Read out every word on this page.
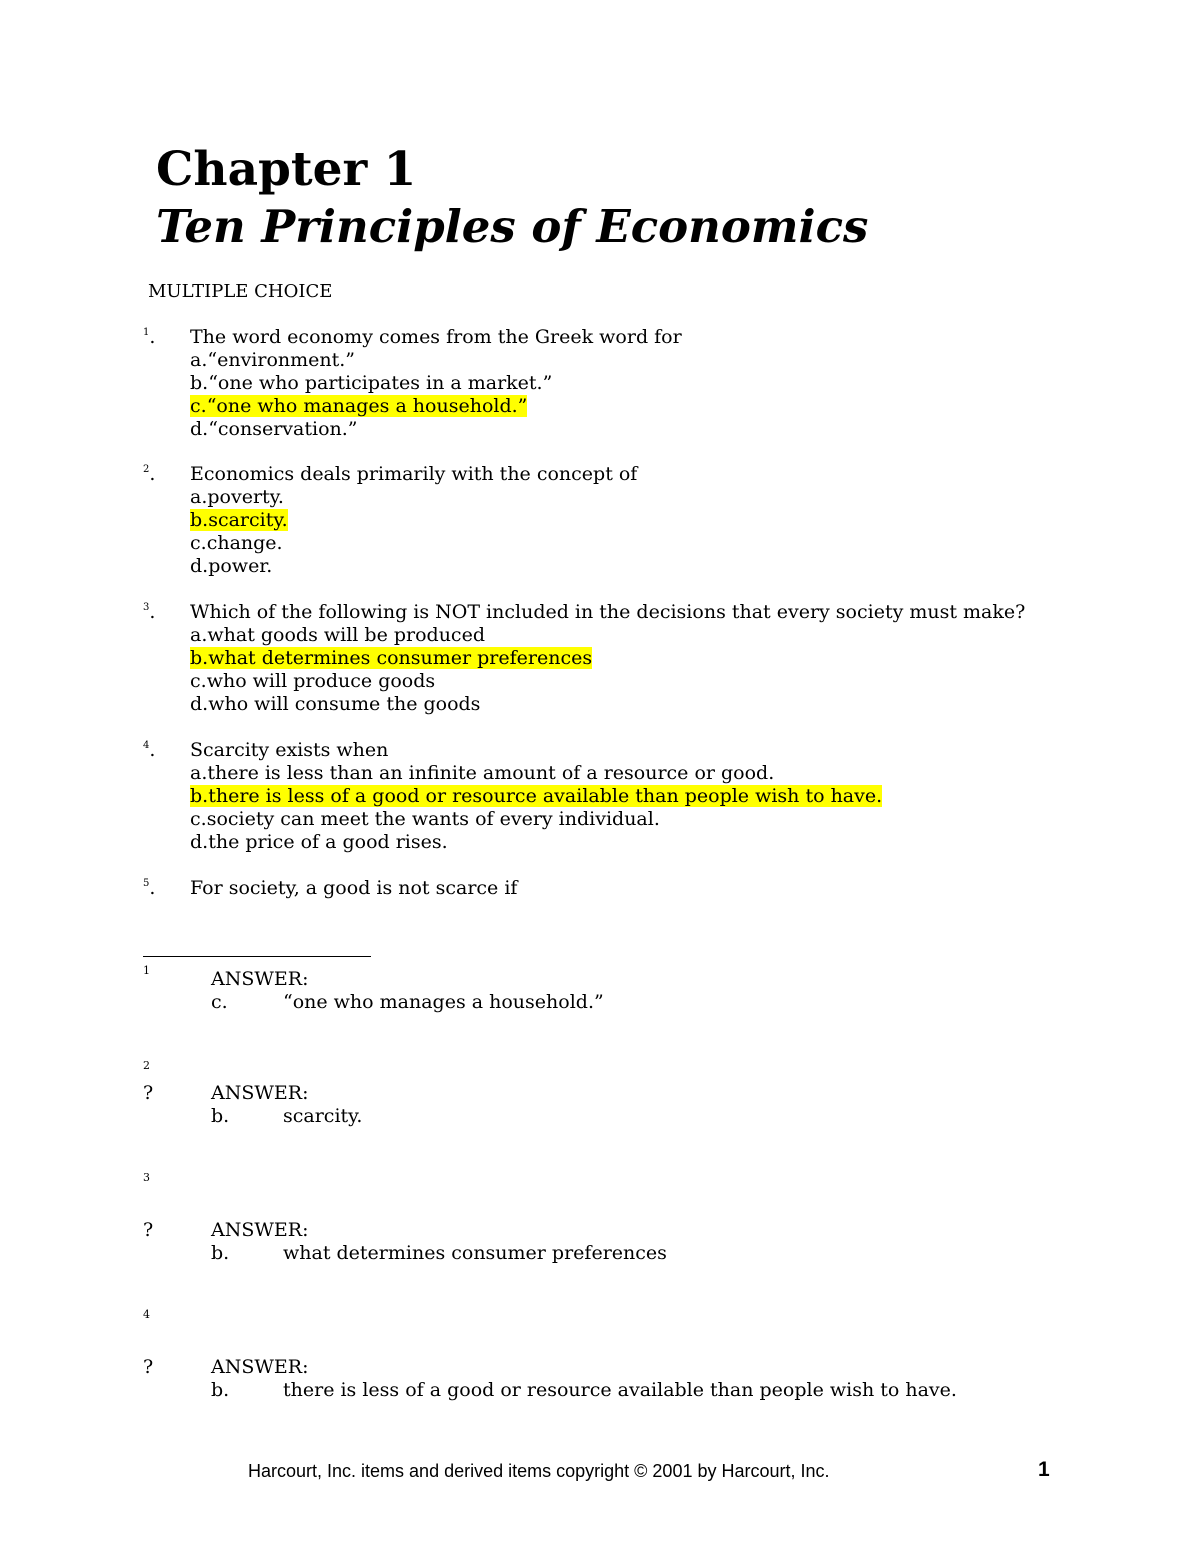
Chapter 1
Ten Principles of Economics
MULTIPLE CHOICE
$^1$. The word economy comes from the Greek word for
a.“environment.”
b.“one who participates in a market.”
c.“one who manages a household.”
d.“conservation.”
$^2$. Economics deals primarily with the concept of
a.poverty.
b.scarcity.
c.change.
d.power.
$^3$. Which of the following is NOT included in the decisions that every society must make?
a.what goods will be produced
b.what determines consumer preferences
c.who will produce goods
d.who will consume the goods
$^4$. Scarcity exists when
a.there is less than an infinite amount of a resource or good.
b.there is less of a good or resource available than people wish to have.
c.society can meet the wants of every individual.
d.the price of a good rises.
$^5$. For society, a good is not scarce if
1	ANSWER:
c.	“one who manages a household.”
2
?	ANSWER:
b.	scarcity.
3
?	ANSWER:
b.	what determines consumer preferences
4
?	ANSWER:
b.	there is less of a good or resource available than people wish to have.
Harcourt, Inc. items and derived items copyright © 2001 by Harcourt, Inc.	1
